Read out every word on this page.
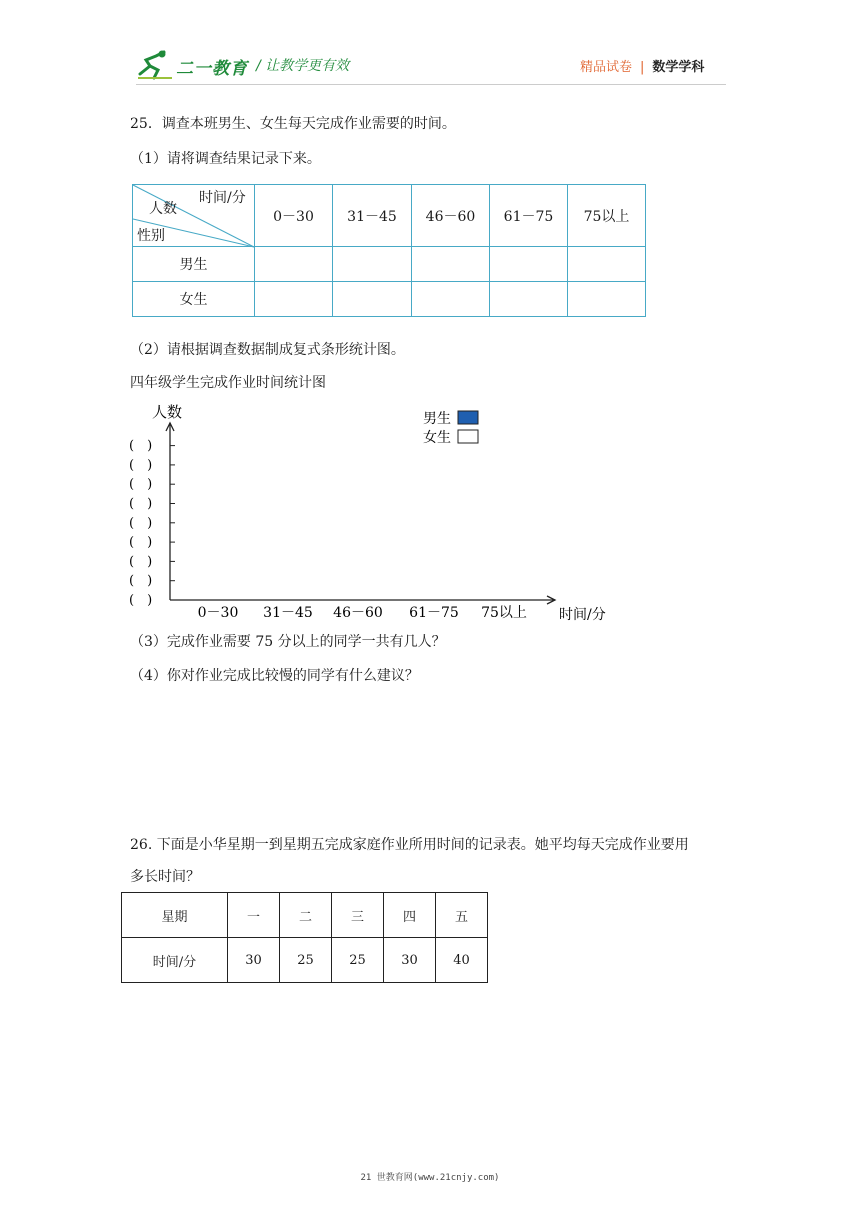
二一教育 / 让教学更有效	精品试卷 | 数学学科
25．调查本班男生、女生每天完成作业需要的时间。
（1）请将调查结果记录下来。
时间/分
人数
性别	0－30	31－45	46－60	61－75	75以上
男生					
女生					
（2）请根据调查数据制成复式条形统计图。
四年级学生完成作业时间统计图
人数
时间/分
(　)
(　)
(　)
(　)
(　)
(　)
(　)
(　)
(　)
0－30 31－45 46－60 61－75 75以上
男生
女生
（3）完成作业需要 75 分以上的同学一共有几人？
（4）你对作业完成比较慢的同学有什么建议？
26. 下面是小华星期一到星期五完成家庭作业所用时间的记录表。她平均每天完成作业要用
多长时间？
星期	一	二	三	四	五
时间/分	30	25	25	30	40
21 世教育网(www.21cnjy.com)
